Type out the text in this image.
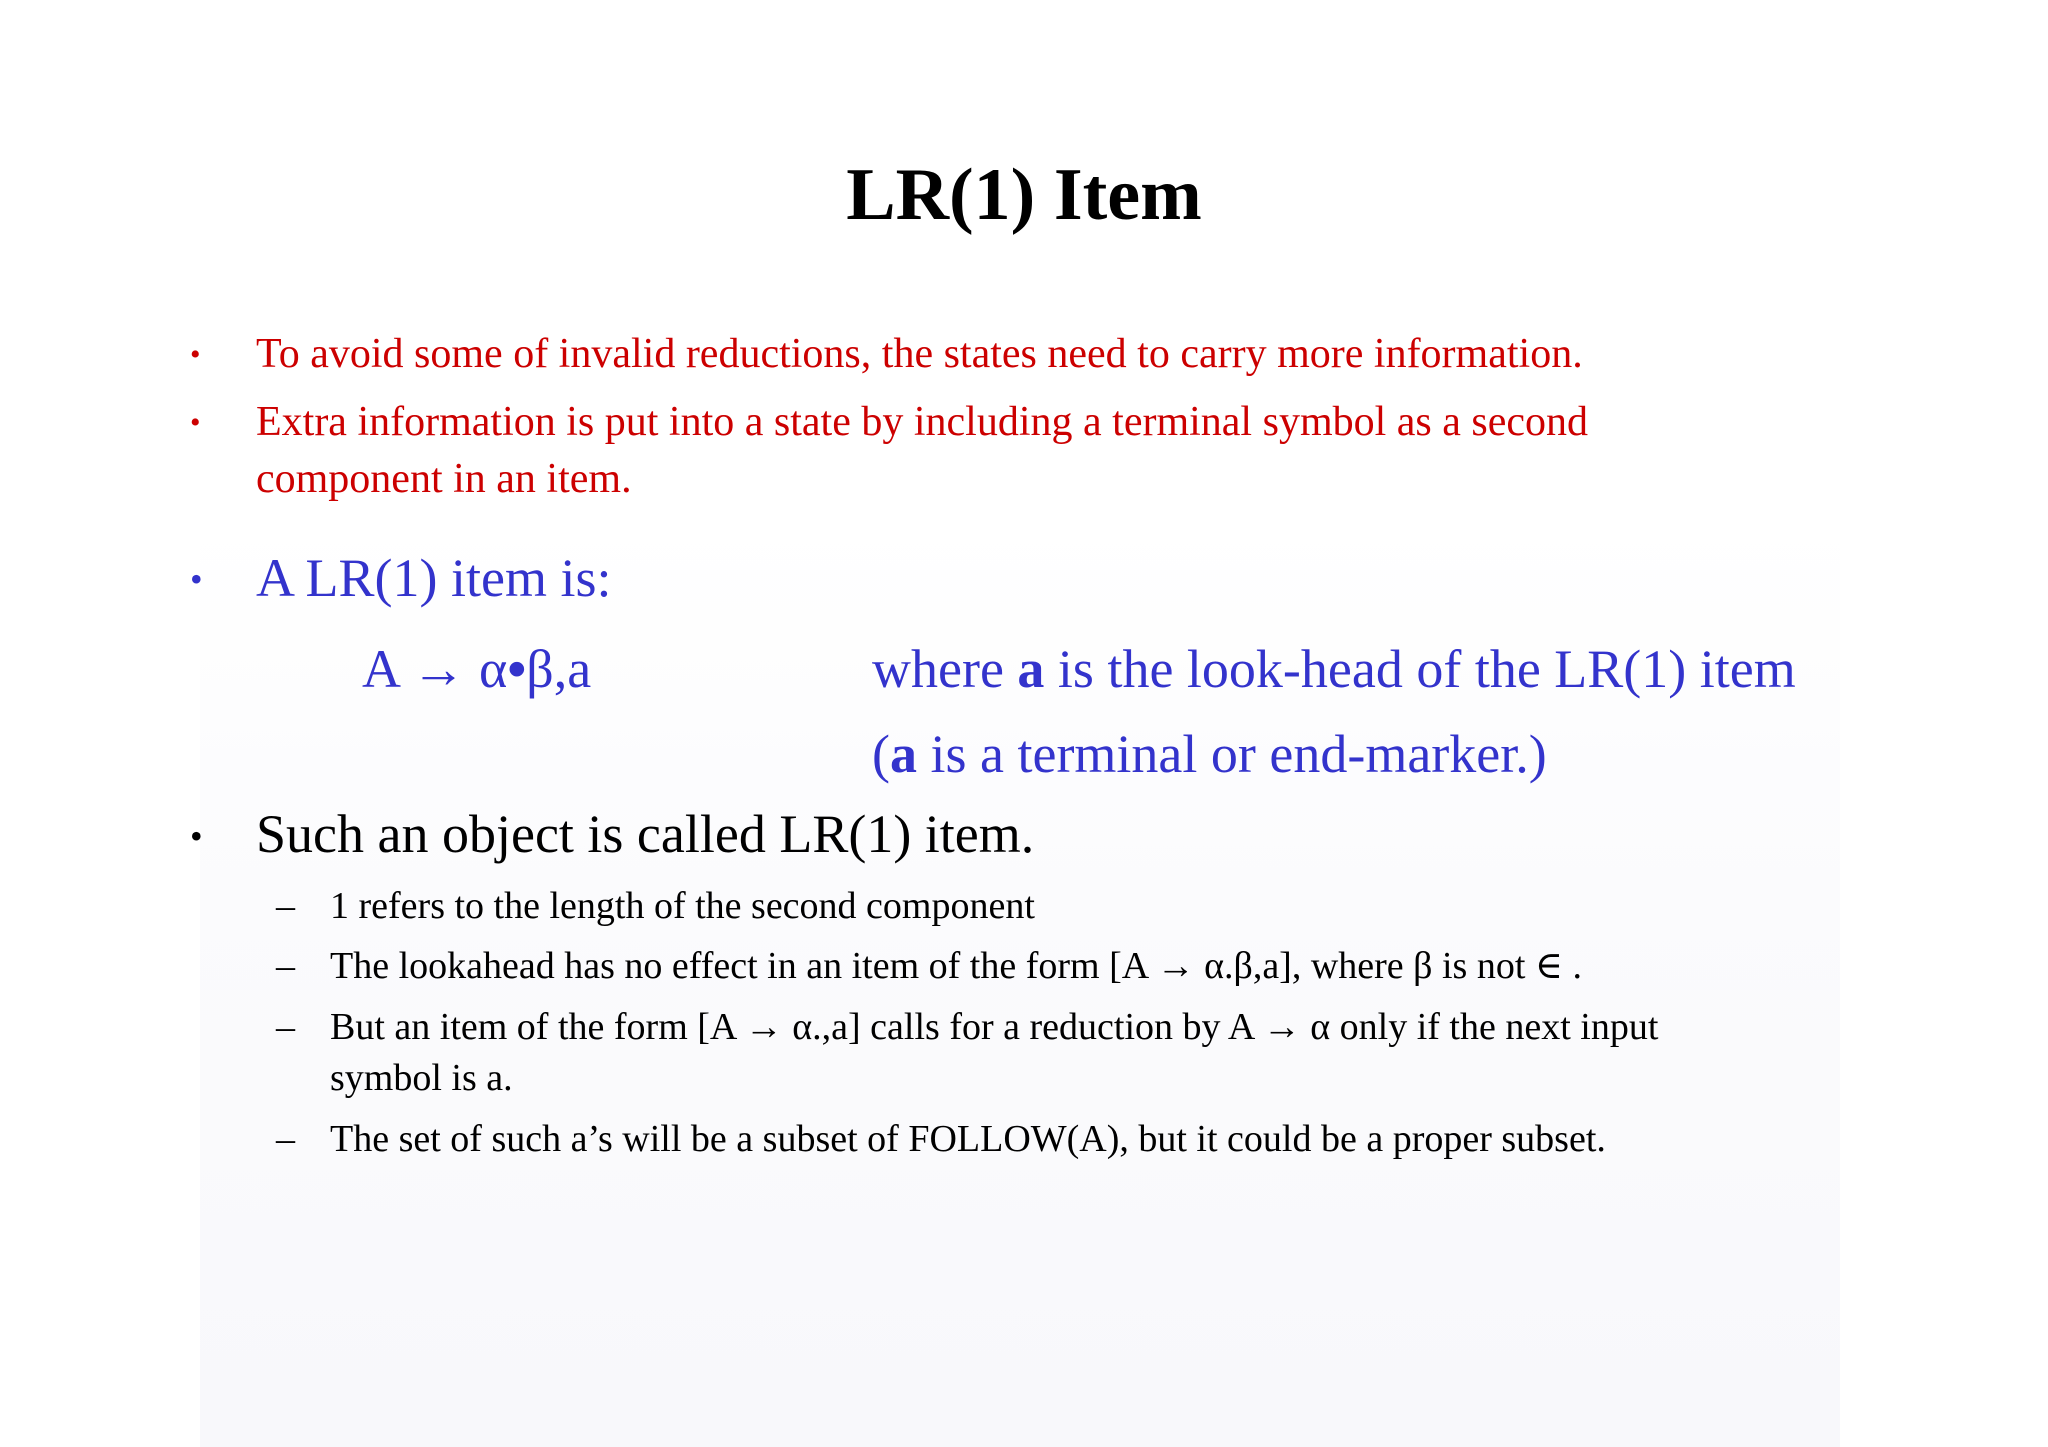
LR(1) Item
• To avoid some of invalid reductions, the states need to carry more information.
• Extra information is put into a state by including a terminal symbol as a second
component in an item.
• A LR(1) item is:
A → α•β,a	where a is the look-head of the LR(1) item
(a is a terminal or end-marker.)
• Such an object is called LR(1) item.
– 1 refers to the length of the second component
– The lookahead has no effect in an item of the form [A → α.β,a], where β is not ∈ .
– But an item of the form [A → α.,a] calls for a reduction by A → α only if the next input
symbol is a.
– The set of such a’s will be a subset of FOLLOW(A), but it could be a proper subset.
